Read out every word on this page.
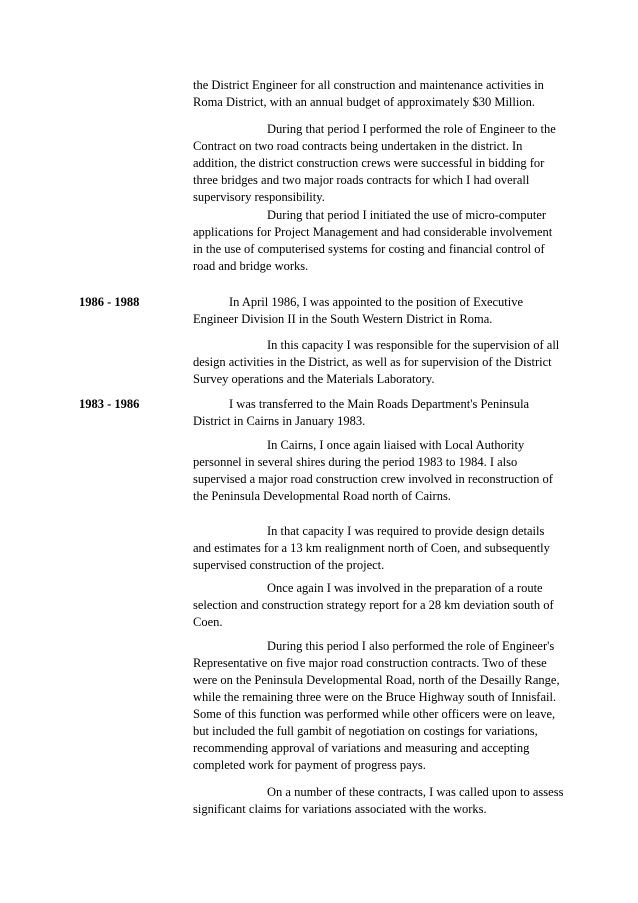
the District Engineer for all construction and maintenance activities in Roma District, with an annual budget of approximately $30 Million.

During that period I performed the role of Engineer to the Contract on two road contracts being undertaken in the district. In addition, the district construction crews were successful in bidding for three bridges and two major roads contracts for which I had overall supervisory responsibility.

During that period I initiated the use of micro-computer applications for Project Management and had considerable involvement in the use of computerised systems for costing and financial control of road and bridge works.

1986 - 1988	In April 1986, I was appointed to the position of Executive Engineer Division II in the South Western District in Roma.

In this capacity I was responsible for the supervision of all design activities in the District, as well as for supervision of the District Survey operations and the Materials Laboratory.

1983 - 1986	I was transferred to the Main Roads Department's Peninsula District in Cairns in January 1983.

In Cairns, I once again liaised with Local Authority personnel in several shires during the period 1983 to 1984. I also supervised a major road construction crew involved in reconstruction of the Peninsula Developmental Road north of Cairns.

In that capacity I was required to provide design details and estimates for a 13 km realignment north of Coen, and subsequently supervised construction of the project.

Once again I was involved in the preparation of a route selection and construction strategy report for a 28 km deviation south of Coen.

During this period I also performed the role of Engineer's Representative on five major road construction contracts. Two of these were on the Peninsula Developmental Road, north of the Desailly Range, while the remaining three were on the Bruce Highway south of Innisfail. Some of this function was performed while other officers were on leave, but included the full gambit of negotiation on costings for variations, recommending approval of variations and measuring and accepting completed work for payment of progress pays.

On a number of these contracts, I was called upon to assess significant claims for variations associated with the works.
